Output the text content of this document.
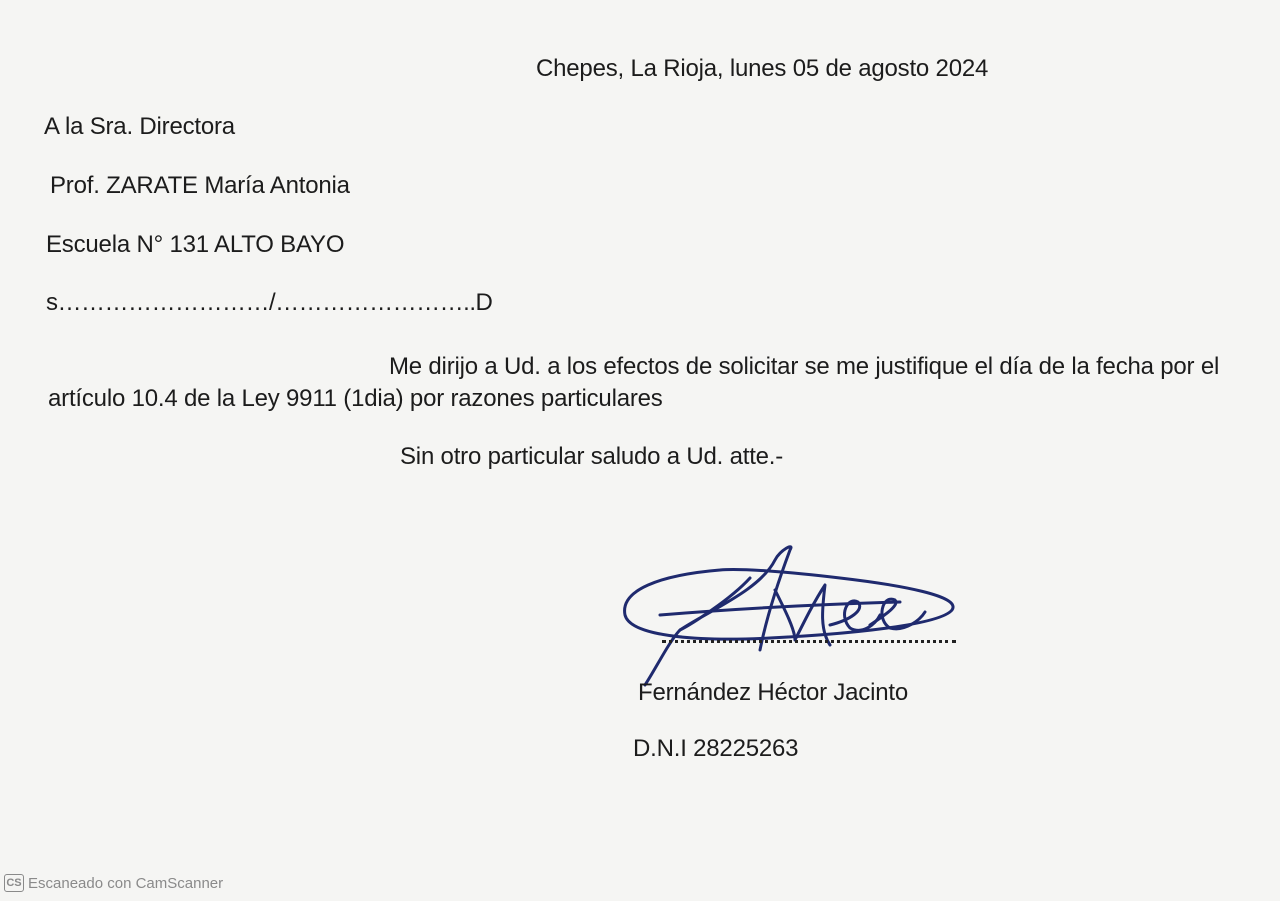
Chepes, La Rioja, lunes 05 de agosto 2024

A la Sra. Directora

Prof. ZARATE María Antonia

Escuela N° 131 ALTO BAYO

s………………………/……………………..D

Me dirijo a Ud. a los efectos de solicitar se me justifique el día de la fecha por el

artículo 10.4 de la Ley 9911 (1dia) por razones particulares

Sin otro particular saludo a Ud. atte.-

Fernández Héctor Jacinto

D.N.I 28225263

CS Escaneado con CamScanner
